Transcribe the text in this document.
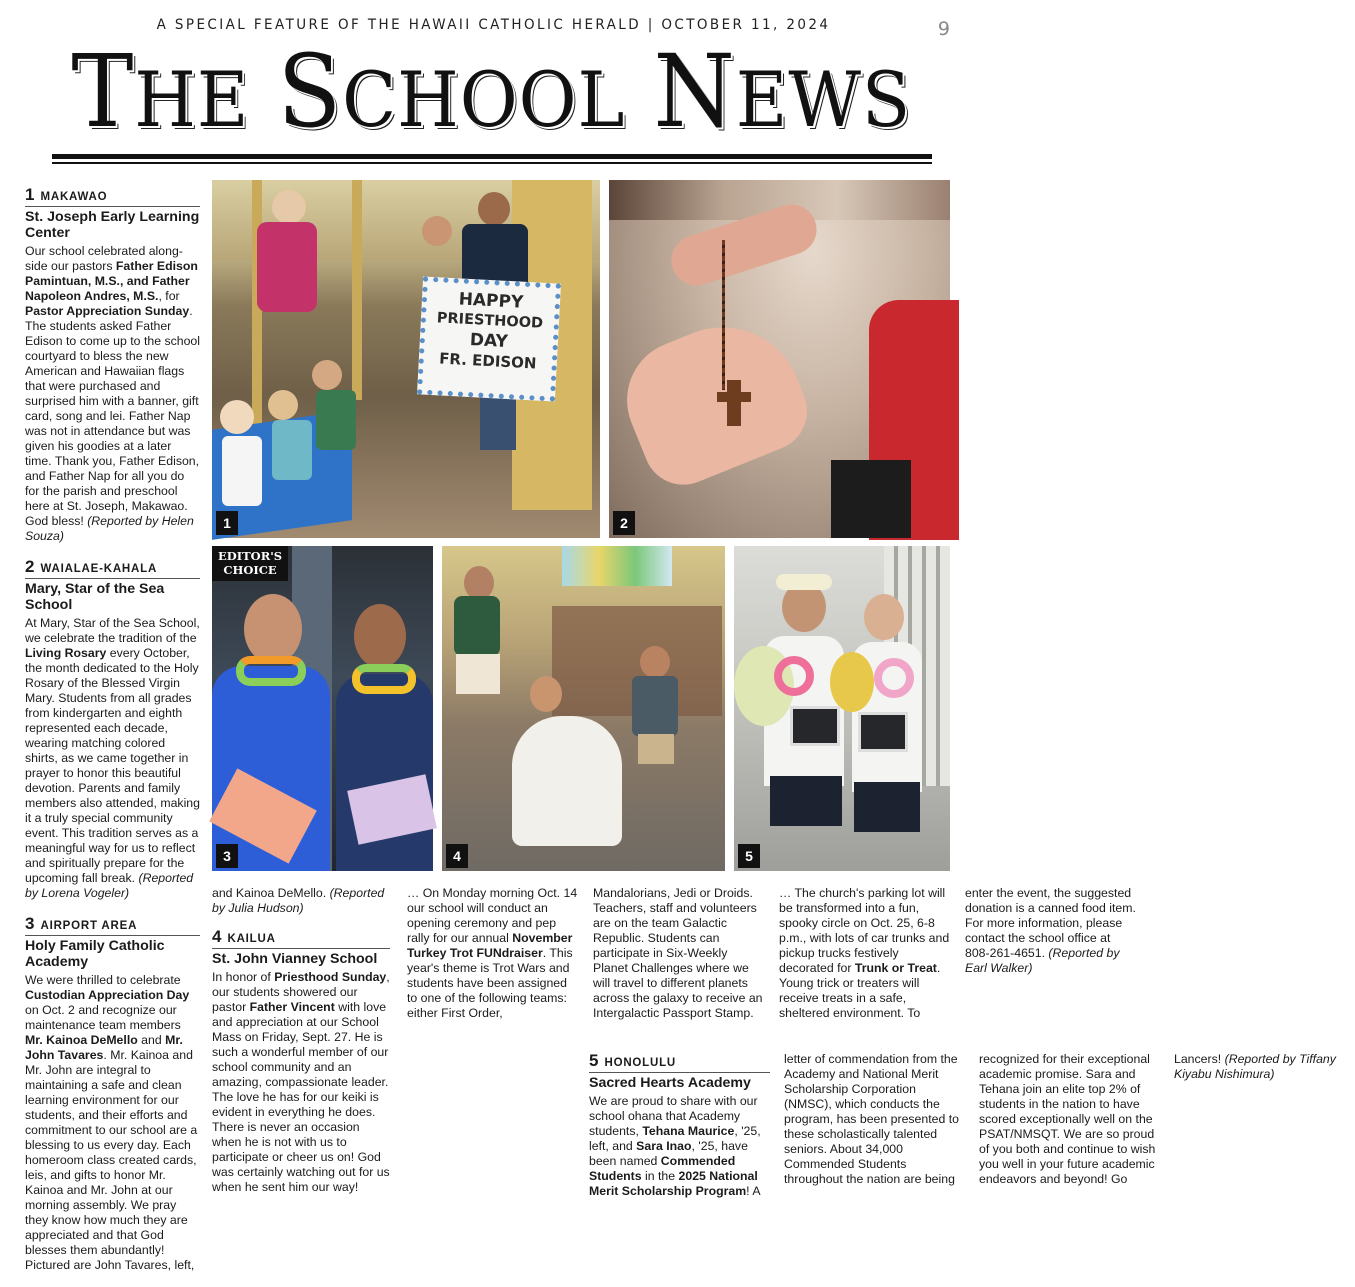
A SPECIAL FEATURE OF THE HAWAII CATHOLIC HERALD | OCTOBER 11, 2024	9
THE SCHOOL NEWS
1 MAKAWAO
St. Joseph Early Learning Center

Our school celebrated along-side our pastors Father Edison Pamintuan, M.S., and Father Napoleon Andres, M.S., for Pastor Appreciation Sunday. The students asked Father Edison to come up to the school courtyard to bless the new American and Hawaiian flags that were purchased and surprised him with a banner, gift card, song and lei. Father Nap was not in attendance but was given his goodies at a later time. Thank you, Father Edison, and Father Nap for all you do for the parish and preschool here at St. Joseph, Makawao. God bless! (Reported by Helen Souza)

2 WAIALAE-KAHALA
Mary, Star of the Sea School

At Mary, Star of the Sea School, we celebrate the tradition of the Living Rosary every October, the month dedicated to the Holy Rosary of the Blessed Virgin Mary. Students from all grades from kindergarten and eighth represented each decade, wearing matching colored shirts, as we came together in prayer to honor this beautiful devotion. Parents and family members also attended, making it a truly special community event. This tradition serves as a meaningful way for us to reflect and spiritually prepare for the upcoming fall break. (Reported by Lorena Vogeler)

3 AIRPORT AREA
Holy Family Catholic Academy

We were thrilled to celebrate Custodian Appreciation Day on Oct. 2 and recognize our maintenance team members Mr. Kainoa DeMello and Mr. John Tavares. Mr. Kainoa and Mr. John are integral to maintaining a safe and clean learning environment for our students, and their efforts and commitment to our school are a blessing to us every day. Each homeroom class created cards, leis, and gifts to honor Mr. Kainoa and Mr. John at our morning assembly. We pray they know how much they are appreciated and that God blesses them abundantly! Pictured are John Tavares, left,

and Kainoa DeMello. (Reported by Julia Hudson)

4 KAILUA
St. John Vianney School

In honor of Priesthood Sunday, our students showered our pastor Father Vincent with love and appreciation at our School Mass on Friday, Sept. 27. He is such a wonderful member of our school community and an amazing, compassionate leader. The love he has for our keiki is evident in everything he does. There is never an occasion when he is not with us to participate or cheer us on! God was certainly watching out for us when he sent him our way!

… On Monday morning Oct. 14 our school will conduct an opening ceremony and pep rally for our annual November Turkey Trot FUNdraiser. This year's theme is Trot Wars and students have been assigned to one of the following teams: either First Order, Mandalorians, Jedi or Droids. Teachers, staff and volunteers are on the team Galactic Republic. Students can participate in Six-Weekly Planet Challenges where we will travel to different planets across the galaxy to receive an Intergalactic Passport Stamp. … The church's parking lot will be transformed into a fun, spooky circle on Oct. 25, 6-8 p.m., with lots of car trunks and pickup trucks festively decorated for Trunk or Treat. Young trick or treaters will receive treats in a safe, sheltered environment. To enter the event, the suggested donation is a canned food item. For more information, please contact the school office at 808-261-4651. (Reported by Earl Walker)

5 HONOLULU
Sacred Hearts Academy

We are proud to share with our school ohana that Academy students, Tehana Maurice, '25, left, and Sara Inao, '25, have been named Commended Students in the 2025 National Merit Scholarship Program! A letter of commendation from the Academy and National Merit Scholarship Corporation (NMSC), which conducts the program, has been presented to these scholastically talented seniors. About 34,000 Commended Students throughout the nation are being recognized for their exceptional academic promise. Sara and Tehana join an elite top 2% of students in the nation to have scored exceptionally well on the PSAT/NMSQT. We are so proud of you both and continue to wish you well in your future academic endeavors and beyond! Go Lancers! (Reported by Tiffany Kiyabu Nishimura)

HAPPY
PRIESTHOOD
DAY
FR. EDISON
1	2
EDITOR'S
CHOICE
3	4	5
